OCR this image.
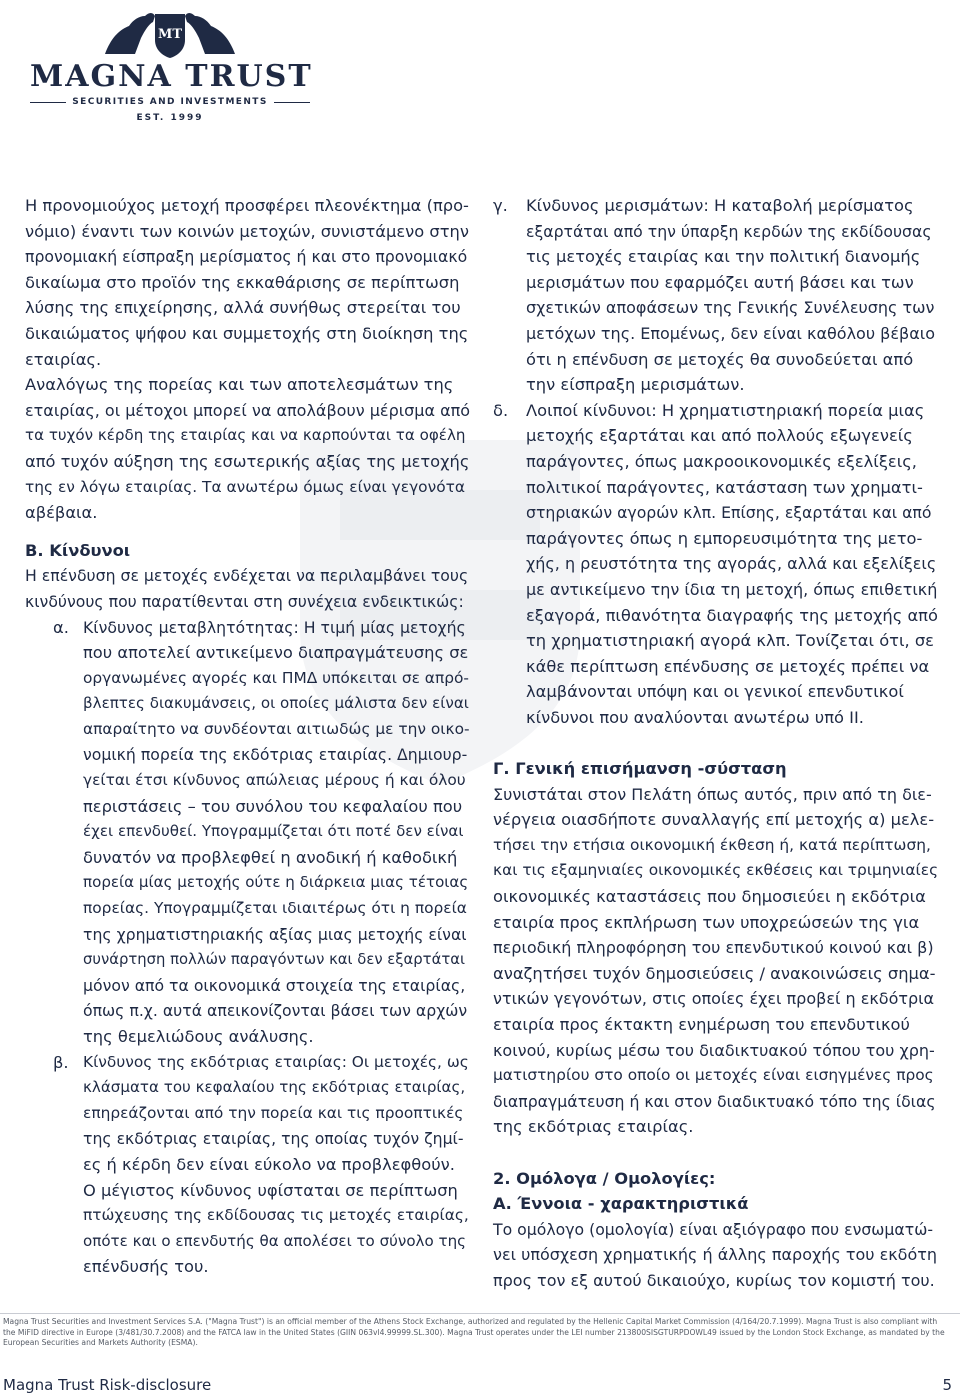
MT
MAGNA TRUST
SECURITIES AND INVESTMENTS
EST. 1999
Η προνομιούχος μετοχή προσφέρει πλεονέκτημα (προ-
νόμιο) έναντι των κοινών μετοχών, συνιστάμενο στην
προνομιακή είσπραξη μερίσματος ή και στο προνομιακό
δικαίωμα στο προϊόν της εκκαθάρισης σε περίπτωση
λύσης της επιχείρησης, αλλά συνήθως στερείται του
δικαιώματος ψήφου και συμμετοχής στη διοίκηση της
εταιρίας.
Αναλόγως της πορείας και των αποτελεσμάτων της
εταιρίας, οι μέτοχοι μπορεί να απολάβουν μέρισμα από
τα τυχόν κέρδη της εταιρίας και να καρπούνται τα οφέλη
από τυχόν αύξηση της εσωτερικής αξίας της μετοχής
της εν λόγω εταιρίας. Τα ανωτέρω όμως είναι γεγονότα
αβέβαια.

Β. Κίνδυνοι

Η επένδυση σε μετοχές ενδέχεται να περιλαμβάνει τους
κινδύνους που παρατίθενται στη συνέχεια ενδεικτικώς:
α. Κίνδυνος μεταβλητότητας: Η τιμή μίας μετοχής
που αποτελεί αντικείμενο διαπραγμάτευσης σε
οργανωμένες αγορές και ΠΜΔ υπόκειται σε απρό-
βλεπτες διακυμάνσεις, οι οποίες μάλιστα δεν είναι
απαραίτητο να συνδέονται αιτιωδώς με την οικο-
νομική πορεία της εκδότριας εταιρίας. Δημιουρ-
γείται έτσι κίνδυνος απώλειας μέρους ή και όλου
περιστάσεις – του συνόλου του κεφαλαίου που
έχει επενδυθεί. Υπογραμμίζεται ότι ποτέ δεν είναι
δυνατόν να προβλεφθεί η ανοδική ή καθοδική
πορεία μίας μετοχής ούτε η διάρκεια μιας τέτοιας
πορείας. Υπογραμμίζεται ιδιαιτέρως ότι η πορεία
της χρηματιστηριακής αξίας μιας μετοχής είναι
συνάρτηση πολλών παραγόντων και δεν εξαρτάται
μόνον από τα οικονομικά στοιχεία της εταιρίας,
όπως π.χ. αυτά απεικονίζονται βάσει των αρχών
της θεμελιώδους ανάλυσης.
β. Κίνδυνος της εκδότριας εταιρίας: Οι μετοχές, ως
κλάσματα του κεφαλαίου της εκδότριας εταιρίας,
επηρεάζονται από την πορεία και τις προοπτικές
της εκδότριας εταιρίας, της οποίας τυχόν ζημί-
ες ή κέρδη δεν είναι εύκολο να προβλεφθούν.
Ο μέγιστος κίνδυνος υφίσταται σε περίπτωση
πτώχευσης της εκδίδουσας τις μετοχές εταιρίας,
οπότε και ο επενδυτής θα απολέσει το σύνολο της
επένδυσής του.
γ. Κίνδυνος μερισμάτων: Η καταβολή μερίσματος
εξαρτάται από την ύπαρξη κερδών της εκδίδουσας
τις μετοχές εταιρίας και την πολιτική διανομής
μερισμάτων που εφαρμόζει αυτή βάσει και των
σχετικών αποφάσεων της Γενικής Συνέλευσης των
μετόχων της. Επομένως, δεν είναι καθόλου βέβαιο
ότι η επένδυση σε μετοχές θα συνοδεύεται από
την είσπραξη μερισμάτων.
δ. Λοιποί κίνδυνοι: Η χρηματιστηριακή πορεία μιας
μετοχής εξαρτάται και από πολλούς εξωγενείς
παράγοντες, όπως μακροοικονομικές εξελίξεις,
πολιτικοί παράγοντες, κατάσταση των χρηματι-
στηριακών αγορών κλπ. Επίσης, εξαρτάται και από
παράγοντες όπως η εμπορευσιμότητα της μετο-
χής, η ρευστότητα της αγοράς, αλλά και εξελίξεις
με αντικείμενο την ίδια τη μετοχή, όπως επιθετική
εξαγορά, πιθανότητα διαγραφής της μετοχής από
τη χρηματιστηριακή αγορά κλπ. Τονίζεται ότι, σε
κάθε περίπτωση επένδυσης σε μετοχές πρέπει να
λαμβάνονται υπόψη και οι γενικοί επενδυτικοί
κίνδυνοι που αναλύονται ανωτέρω υπό ΙΙ.

Γ. Γενική επισήμανση -σύσταση

Συνιστάται στον Πελάτη όπως αυτός, πριν από τη διε-
νέργεια οιασδήποτε συναλλαγής επί μετοχής α) μελε-
τήσει την ετήσια οικονομική έκθεση ή, κατά περίπτωση,
και τις εξαμηνιαίες οικονομικές εκθέσεις και τριμηνιαίες
οικονομικές καταστάσεις που δημοσιεύει η εκδότρια
εταιρία προς εκπλήρωση των υποχρεώσεών της για
περιοδική πληροφόρηση του επενδυτικού κοινού και β)
αναζητήσει τυχόν δημοσιεύσεις / ανακοινώσεις σημα-
ντικών γεγονότων, στις οποίες έχει προβεί η εκδότρια
εταιρία προς έκτακτη ενημέρωση του επενδυτικού
κοινού, κυρίως μέσω του διαδικτυακού τόπου του χρη-
ματιστηρίου στο οποίο οι μετοχές είναι εισηγμένες προς
διαπραγμάτευση ή και στον διαδικτυακό τόπο της ίδιας
της εκδότριας εταιρίας.

2. Ομόλογα / Ομολογίες:

Α. Έννοια - χαρακτηριστικά

Το ομόλογο (ομολογία) είναι αξιόγραφο που ενσωματώ-
νει υπόσχεση χρηματικής ή άλλης παροχής του εκδότη
προς τον εξ αυτού δικαιούχο, κυρίως τον κομιστή του.
Magna Trust Securities and Investment Services S.A. ("Magna Trust") is an official member of the Athens Stock Exchange, authorized and regulated by the Hellenic Capital Market Commission (4/164/20.7.1999). Magna Trust is also compliant with
the MiFID directive in Europe (3/481/30.7.2008) and the FATCA law in the United States (GIIN 063vl4.99999.SL.300). Magna Trust operates under the LEI number 213800SISGTURPDOWL49 issued by the London Stock Exchange, as mandated by the
European Securities and Markets Authority (ESMA).
Magna Trust Risk-disclosure	5
